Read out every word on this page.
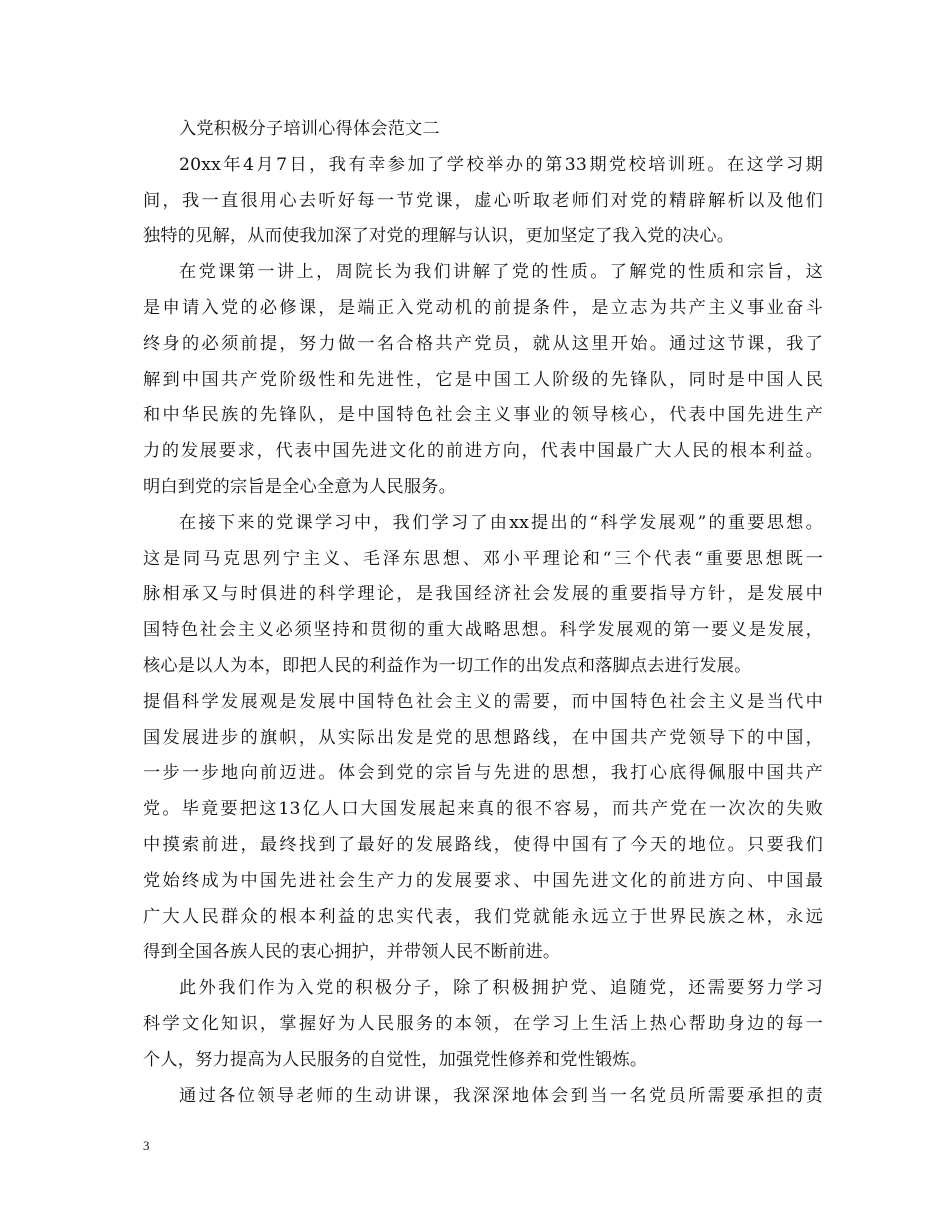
入党积极分子培训心得体会范文二
20xx年4月7日，我有幸参加了学校举办的第33期党校培训班。在这学习期
间，我一直很用心去听好每一节党课，虚心听取老师们对党的精辟解析以及他们
独特的见解，从而使我加深了对党的理解与认识，更加坚定了我入党的决心。
在党课第一讲上，周院长为我们讲解了党的性质。了解党的性质和宗旨，这
是申请入党的必修课，是端正入党动机的前提条件，是立志为共产主义事业奋斗
终身的必须前提，努力做一名合格共产党员，就从这里开始。通过这节课，我了
解到中国共产党阶级性和先进性，它是中国工人阶级的先锋队，同时是中国人民
和中华民族的先锋队，是中国特色社会主义事业的领导核心，代表中国先进生产
力的发展要求，代表中国先进文化的前进方向，代表中国最广大人民的根本利益。
明白到党的宗旨是全心全意为人民服务。
在接下来的党课学习中，我们学习了由xx提出的“科学发展观”的重要思想。
这是同马克思列宁主义、毛泽东思想、邓小平理论和“三个代表“重要思想既一
脉相承又与时俱进的科学理论，是我国经济社会发展的重要指导方针，是发展中
国特色社会主义必须坚持和贯彻的重大战略思想。科学发展观的第一要义是发展，
核心是以人为本，即把人民的利益作为一切工作的出发点和落脚点去进行发展。
提倡科学发展观是发展中国特色社会主义的需要，而中国特色社会主义是当代中
国发展进步的旗帜，从实际出发是党的思想路线，在中国共产党领导下的中国，
一步一步地向前迈进。体会到党的宗旨与先进的思想，我打心底得佩服中国共产
党。毕竟要把这13亿人口大国发展起来真的很不容易，而共产党在一次次的失败
中摸索前进，最终找到了最好的发展路线，使得中国有了今天的地位。只要我们
党始终成为中国先进社会生产力的发展要求、中国先进文化的前进方向、中国最
广大人民群众的根本利益的忠实代表，我们党就能永远立于世界民族之林，永远
得到全国各族人民的衷心拥护，并带领人民不断前进。
此外我们作为入党的积极分子，除了积极拥护党、追随党，还需要努力学习
科学文化知识，掌握好为人民服务的本领，在学习上生活上热心帮助身边的每一
个人，努力提高为人民服务的自觉性，加强党性修养和党性锻炼。
通过各位领导老师的生动讲课，我深深地体会到当一名党员所需要承担的责
3
